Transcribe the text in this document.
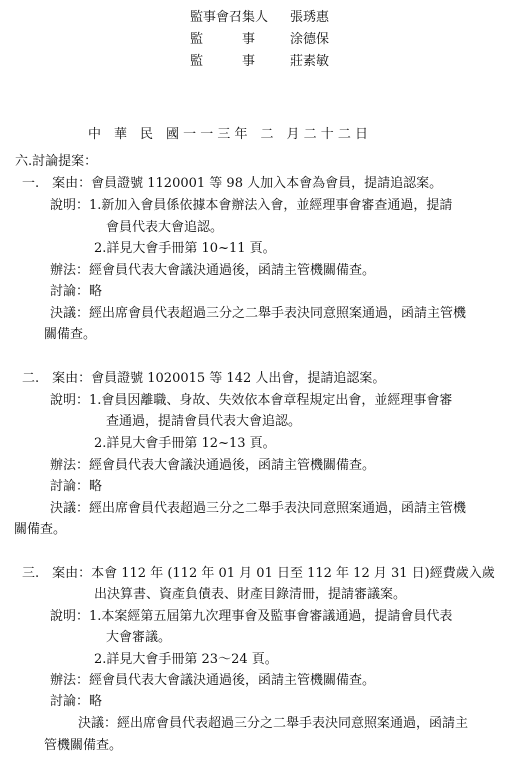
監事會召集人 張琇惠
監　　　事	涂德保
監　　　事	莊素敏
中　華　民　國 一 一 三 年　二　月 二 十 二 日
六.討論提案：
一.　案由：會員證號 1120001 等 98 人加入本會為會員，提請追認案。
說明：1.新加入會員係依據本會辦法入會，並經理事會審查通過，提請
會員代表大會追認。
2.詳見大會手冊第 10~11 頁。
辦法：經會員代表大會議決通過後，函請主管機關備查。
討論：略
決議：經出席會員代表超過三分之二舉手表決同意照案通過，函請主管機
關備查。
二.　案由：會員證號 1020015 等 142 人出會，提請追認案。
說明：1.會員因離職、身故、失效依本會章程規定出會，並經理事會審
查通過，提請會員代表大會追認。
2.詳見大會手冊第 12~13 頁。
辦法：經會員代表大會議決通過後，函請主管機關備查。
討論：略
決議：經出席會員代表超過三分之二舉手表決同意照案通過，函請主管機
關備查。
三.　案由：本會 112 年 (112 年 01 月 01 日至 112 年 12 月 31 日)經費歲入歲
出決算書、資產負債表、財產目錄清冊，提請審議案。
說明：1.本案經第五屆第九次理事會及監事會審議通過，提請會員代表
大會審議。
2.詳見大會手冊第 23～24 頁。
辦法：經會員代表大會議決通過後，函請主管機關備查。
討論：略
決議：經出席會員代表超過三分之二舉手表決同意照案通過，函請主
管機關備查。
